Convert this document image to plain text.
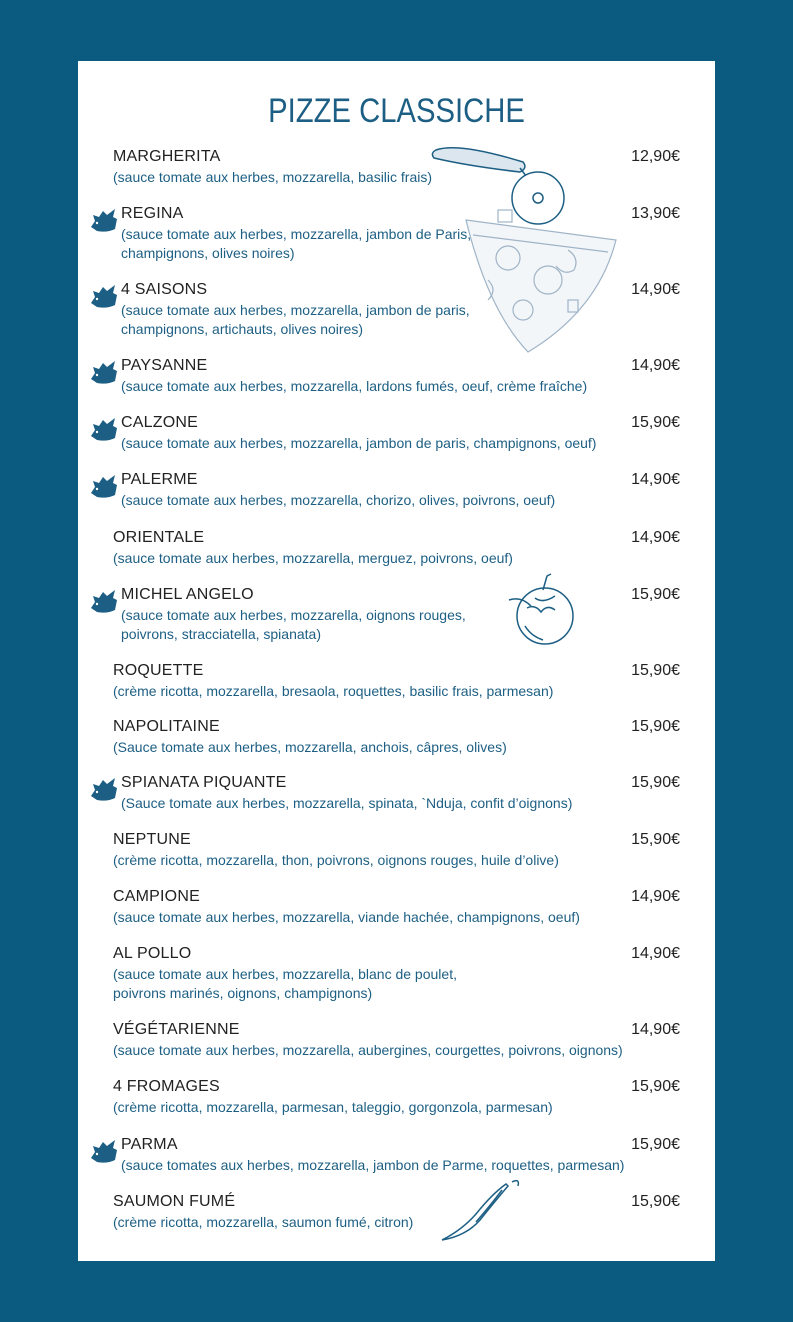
PIZZE CLASSICHE
MARGHERITA
(sauce tomate aux herbes, mozzarella, basilic frais)
12,90€
REGINA
(sauce tomate aux herbes, mozzarella, jambon de Paris,
champignons, olives noires)
13,90€
4 SAISONS
(sauce tomate aux herbes, mozzarella, jambon de paris,
champignons, artichauts, olives noires)
14,90€
PAYSANNE
(sauce tomate aux herbes, mozzarella, lardons fumés, oeuf, crème fraîche)
14,90€
CALZONE
(sauce tomate aux herbes, mozzarella, jambon de paris, champignons, oeuf)
15,90€
PALERME
(sauce tomate aux herbes, mozzarella, chorizo, olives, poivrons, oeuf)
14,90€
ORIENTALE
(sauce tomate aux herbes, mozzarella, merguez, poivrons, oeuf)
14,90€
MICHEL ANGELO
(sauce tomate aux herbes, mozzarella, oignons rouges,
poivrons, stracciatella, spianata)
15,90€
ROQUETTE
(crème ricotta, mozzarella, bresaola, roquettes, basilic frais, parmesan)
15,90€
NAPOLITAINE
(Sauce tomate aux herbes, mozzarella, anchois, câpres, olives)
15,90€
SPIANATA PIQUANTE
(Sauce tomate aux herbes, mozzarella, spinata, `Nduja, confit d’oignons)
15,90€
NEPTUNE
(crème ricotta, mozzarella, thon, poivrons, oignons rouges, huile d’olive)
15,90€
CAMPIONE
(sauce tomate aux herbes, mozzarella, viande hachée, champignons, oeuf)
14,90€
AL POLLO
(sauce tomate aux herbes, mozzarella, blanc de poulet,
poivrons marinés, oignons, champignons)
14,90€
VÉGÉTARIENNE
(sauce tomate aux herbes, mozzarella, aubergines, courgettes, poivrons, oignons)
14,90€
4 FROMAGES
(crème ricotta, mozzarella, parmesan, taleggio, gorgonzola, parmesan)
15,90€
PARMA
(sauce tomates aux herbes, mozzarella, jambon de Parme, roquettes, parmesan)
15,90€
SAUMON FUMÉ
(crème ricotta, mozzarella, saumon fumé, citron)
15,90€
